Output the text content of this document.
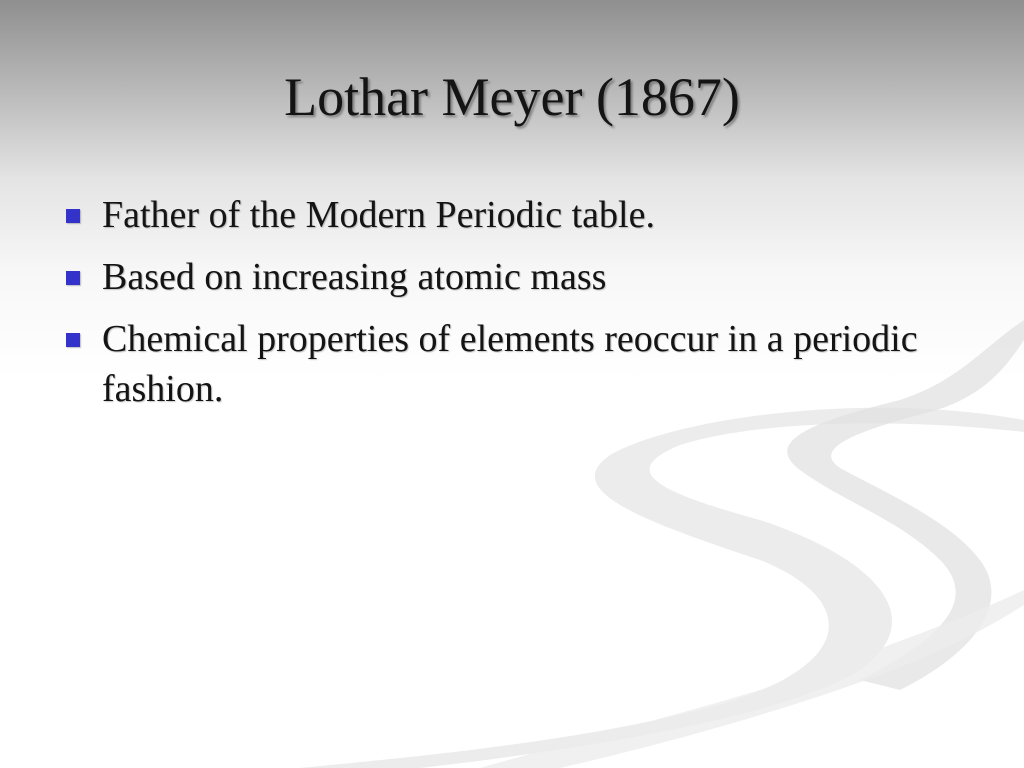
Lothar Meyer (1867)
Father of the Modern Periodic table.
Based on increasing atomic mass
Chemical properties of elements reoccur in a periodic fashion.
